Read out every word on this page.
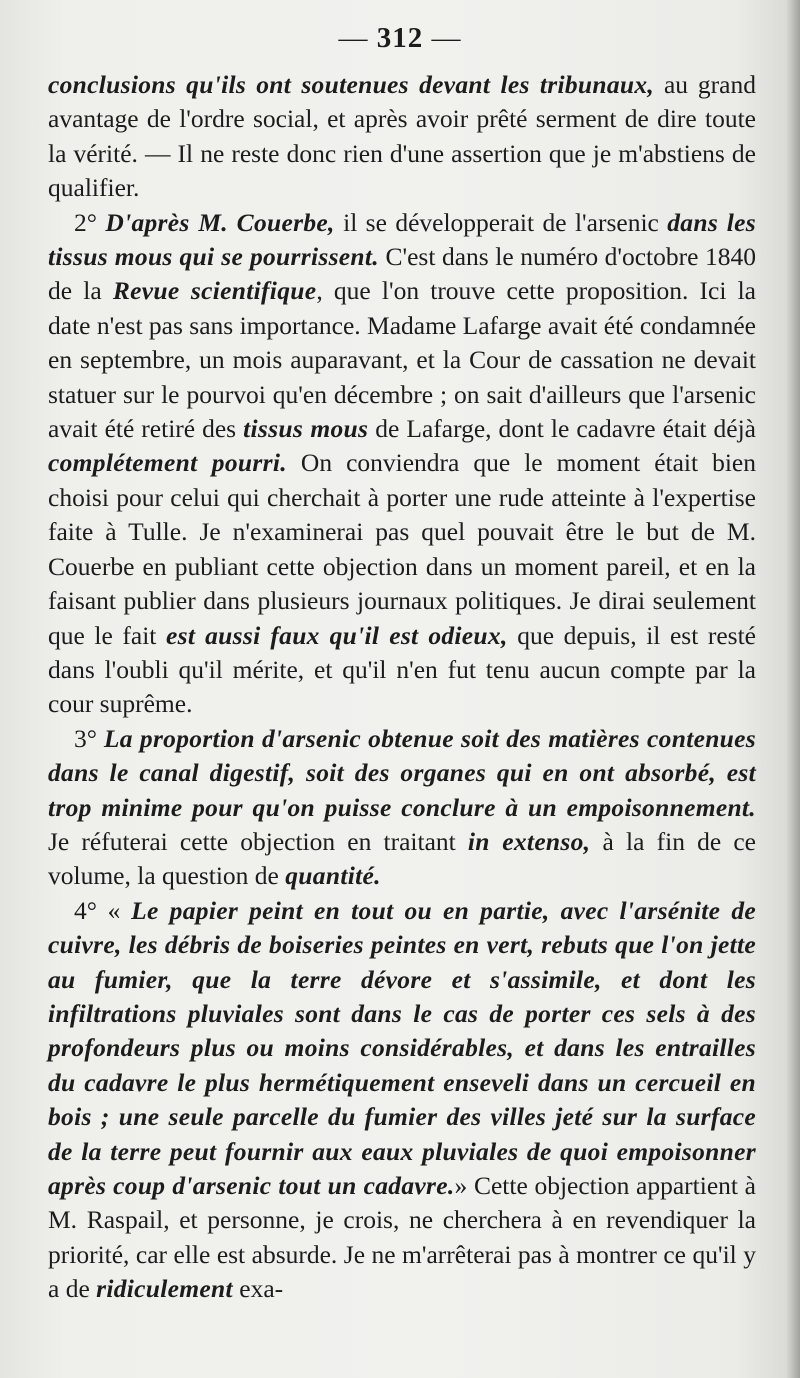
— 312 —

conclusions qu'ils ont soutenues devant les tribunaux, au grand avantage de l'ordre social, et après avoir prêté serment de dire toute la vérité. — Il ne reste donc rien d'une assertion que je m'abstiens de qualifier.

2° D'après M. Couerbe, il se développerait de l'arsenic dans les tissus mous qui se pourrissent. C'est dans le numéro d'octobre 1840 de la Revue scientifique, que l'on trouve cette proposition. Ici la date n'est pas sans importance. Madame Lafarge avait été condamnée en septembre, un mois auparavant, et la Cour de cassation ne devait statuer sur le pourvoi qu'en décembre ; on sait d'ailleurs que l'arsenic avait été retiré des tissus mous de Lafarge, dont le cadavre était déjà complétement pourri. On conviendra que le moment était bien choisi pour celui qui cherchait à porter une rude atteinte à l'expertise faite à Tulle. Je n'examinerai pas quel pouvait être le but de M. Couerbe en publiant cette objection dans un moment pareil, et en la faisant publier dans plusieurs journaux politiques. Je dirai seulement que le fait est aussi faux qu'il est odieux, que depuis, il est resté dans l'oubli qu'il mérite, et qu'il n'en fut tenu aucun compte par la cour suprême.

3° La proportion d'arsenic obtenue soit des matières contenues dans le canal digestif, soit des organes qui en ont absorbé, est trop minime pour qu'on puisse conclure à un empoisonnement. Je réfuterai cette objection en traitant in extenso, à la fin de ce volume, la question de quantité.

4° « Le papier peint en tout ou en partie, avec l'arsénite de cuivre, les débris de boiseries peintes en vert, rebuts que l'on jette au fumier, que la terre dévore et s'assimile, et dont les infiltrations pluviales sont dans le cas de porter ces sels à des profondeurs plus ou moins considérables, et dans les entrailles du cadavre le plus hermétiquement enseveli dans un cercueil en bois ; une seule parcelle du fumier des villes jeté sur la surface de la terre peut fournir aux eaux pluviales de quoi empoisonner après coup d'arsenic tout un cadavre.» Cette objection appartient à M. Raspail, et personne, je crois, ne cherchera à en revendiquer la priorité, car elle est absurde. Je ne m'arrêterai pas à montrer ce qu'il y a de ridiculement exa-
